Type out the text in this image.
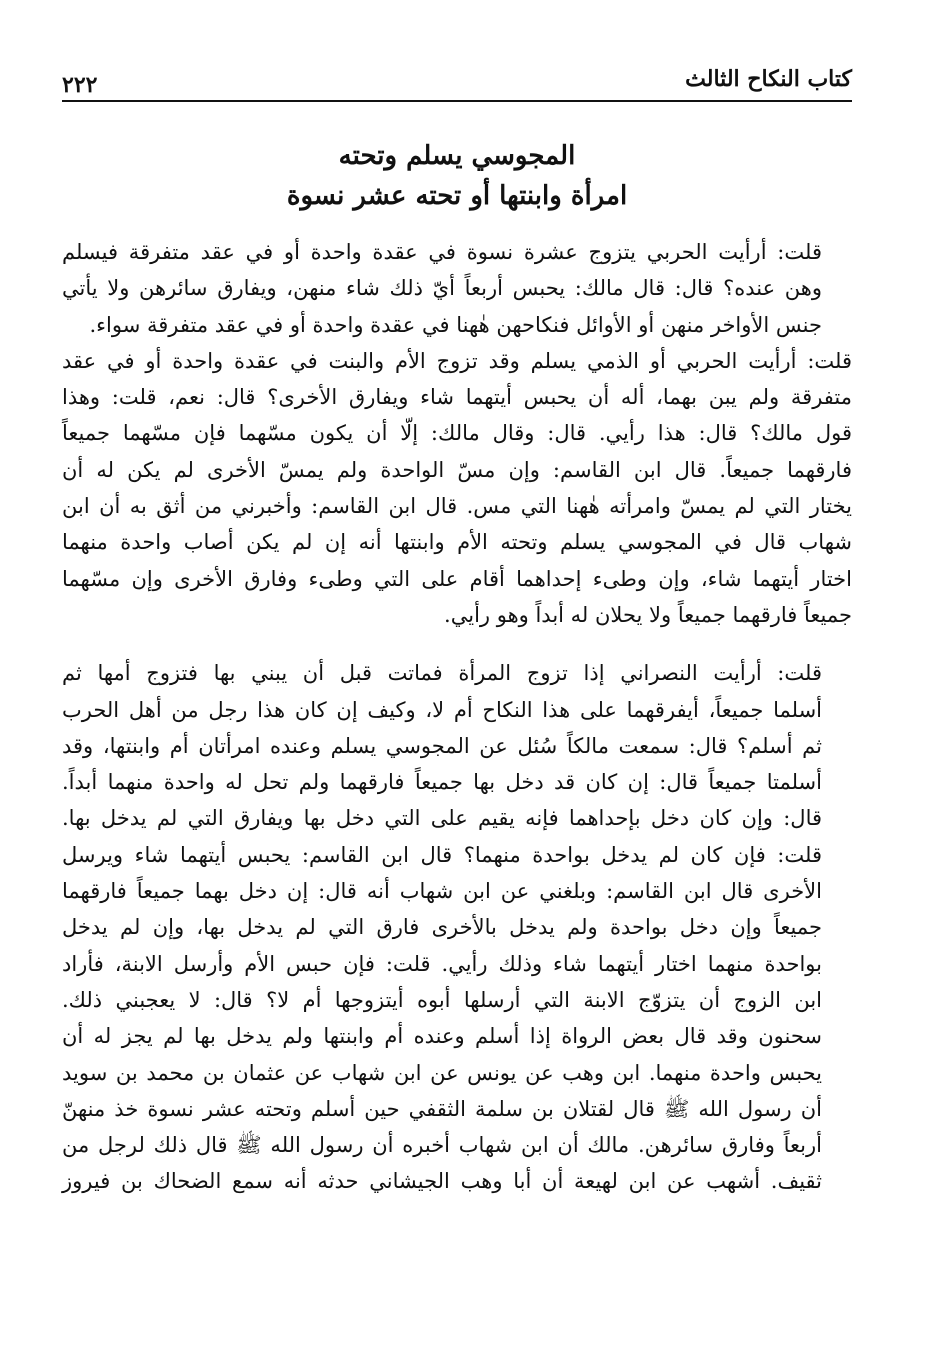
كتاب النكاح الثالث
٢٢٢
المجوسي يسلم وتحته
امرأة وابنتها أو تحته عشر نسوة
قلت: أرأيت الحربي يتزوج عشرة نسوة في عقدة واحدة أو في عقد متفرقة فيسلم
وهن عنده؟ قال: قال مالك: يحبس أربعاً أيّ ذلك شاء منهن، ويفارق سائرهن ولا يأتي
جنس الأواخر منهن أو الأوائل فنكاحهن هٰهنا في عقدة واحدة أو في عقد متفرقة سواء.
قلت: أرأيت الحربي أو الذمي يسلم وقد تزوج الأم والبنت في عقدة واحدة أو في عقد
متفرقة ولم يبن بهما، أله أن يحبس أيتهما شاء ويفارق الأخرى؟ قال: نعم، قلت: وهذا
قول مالك؟ قال: هذا رأيي. قال: وقال مالك: إلّا أن يكون مسّهما فإن مسّهما جميعاً
فارقهما جميعاً. قال ابن القاسم: وإن مسّ الواحدة ولم يمسّ الأخرى لم يكن له أن
يختار التي لم يمسّ وامرأته هٰهنا التي مس. قال ابن القاسم: وأخبرني من أثق به أن ابن
شهاب قال في المجوسي يسلم وتحته الأم وابنتها أنه إن لم يكن أصاب واحدة منهما
اختار أيتهما شاء، وإن وطىء إحداهما أقام على التي وطىء وفارق الأخرى وإن مسّهما
جميعاً فارقهما جميعاً ولا يحلان له أبداً وهو رأيي.
قلت: أرأيت النصراني إذا تزوج المرأة فماتت قبل أن يبني بها فتزوج أمها ثم
أسلما جميعاً، أيفرقهما على هذا النكاح أم لا، وكيف إن كان هذا رجل من أهل الحرب
ثم أسلم؟ قال: سمعت مالكاً سُئل عن المجوسي يسلم وعنده امرأتان أم وابنتها، وقد
أسلمتا جميعاً قال: إن كان قد دخل بها جميعاً فارقهما ولم تحل له واحدة منهما أبداً.
قال: وإن كان دخل بإحداهما فإنه يقيم على التي دخل بها ويفارق التي لم يدخل بها.
قلت: فإن كان لم يدخل بواحدة منهما؟ قال ابن القاسم: يحبس أيتهما شاء ويرسل
الأخرى قال ابن القاسم: وبلغني عن ابن شهاب أنه قال: إن دخل بهما جميعاً فارقهما
جميعاً وإن دخل بواحدة ولم يدخل بالأخرى فارق التي لم يدخل بها، وإن لم يدخل
بواحدة منهما اختار أيتهما شاء وذلك رأيي. قلت: فإن حبس الأم وأرسل الابنة، فأراد
ابن الزوج أن يتزوّج الابنة التي أرسلها أبوه أيتزوجها أم لا؟ قال: لا يعجبني ذلك.
سحنون وقد قال بعض الرواة إذا أسلم وعنده أم وابنتها ولم يدخل بها لم يجز له أن
يحبس واحدة منهما. ابن وهب عن يونس عن ابن شهاب عن عثمان بن محمد بن سويد
أن رسول الله ﷺ قال لقتلان بن سلمة الثقفي حين أسلم وتحته عشر نسوة خذ منهنّ
أربعاً وفارق سائرهن. مالك أن ابن شهاب أخبره أن رسول الله ﷺ قال ذلك لرجل من
ثقيف. أشهب عن ابن لهيعة أن أبا وهب الجيشاني حدثه أنه سمع الضحاك بن فيروز
